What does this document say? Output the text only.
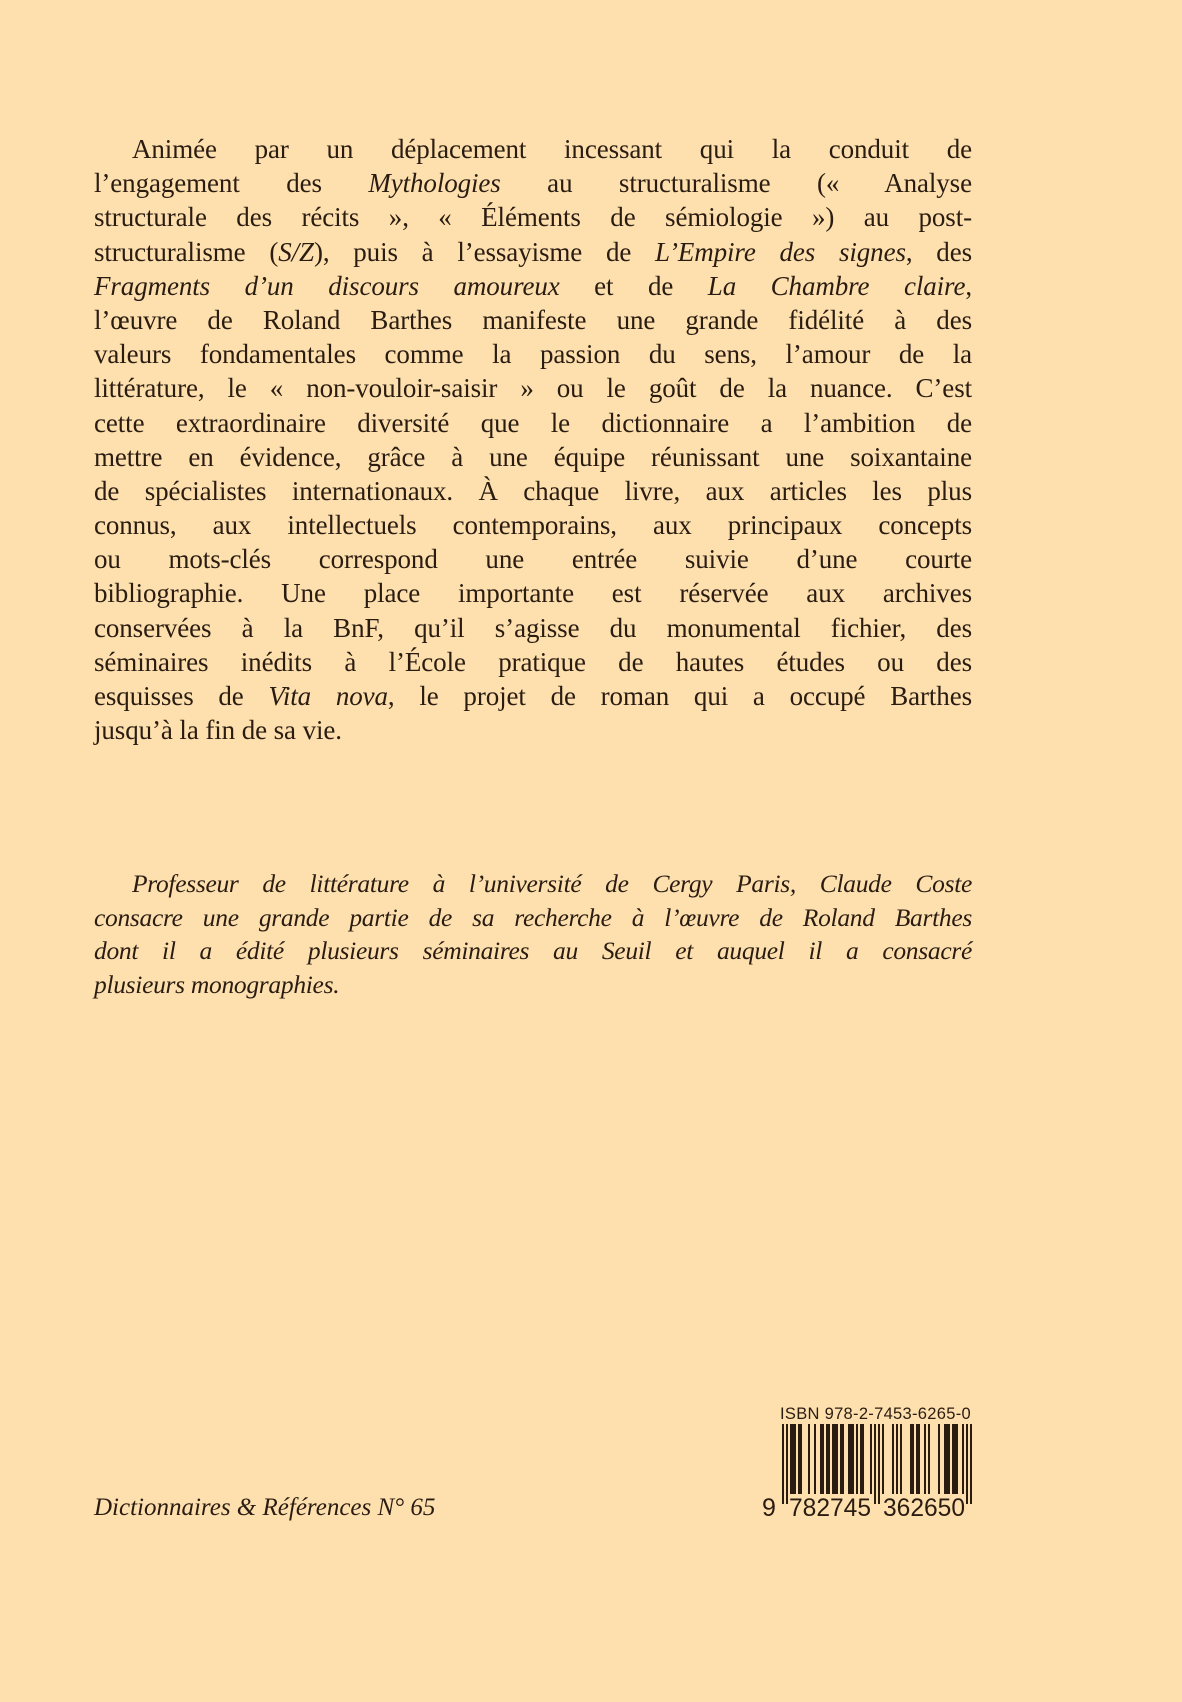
Animée par un déplacement incessant qui la conduit de
l’engagement des Mythologies au structuralisme (« Analyse
structurale des récits », « Éléments de sémiologie ») au post-
structuralisme (S/Z), puis à l’essayisme de L’Empire des signes, des
Fragments d’un discours amoureux et de La Chambre claire,
l’œuvre de Roland Barthes manifeste une grande fidélité à des
valeurs fondamentales comme la passion du sens, l’amour de la
littérature, le « non-vouloir-saisir » ou le goût de la nuance. C’est
cette extraordinaire diversité que le dictionnaire a l’ambition de
mettre en évidence, grâce à une équipe réunissant une soixantaine
de spécialistes internationaux. À chaque livre, aux articles les plus
connus, aux intellectuels contemporains, aux principaux concepts
ou mots-clés correspond une entrée suivie d’une courte
bibliographie. Une place importante est réservée aux archives
conservées à la BnF, qu’il s’agisse du monumental fichier, des
séminaires inédits à l’École pratique de hautes études ou des
esquisses de Vita nova, le projet de roman qui a occupé Barthes
jusqu’à la fin de sa vie.
Professeur de littérature à l’université de Cergy Paris, Claude Coste
consacre une grande partie de sa recherche à l’œuvre de Roland Barthes
dont il a édité plusieurs séminaires au Seuil et auquel il a consacré
plusieurs monographies.
Dictionnaires & Références N° 65
ISBN 978-2-7453-6265-0
9 782745 362650
